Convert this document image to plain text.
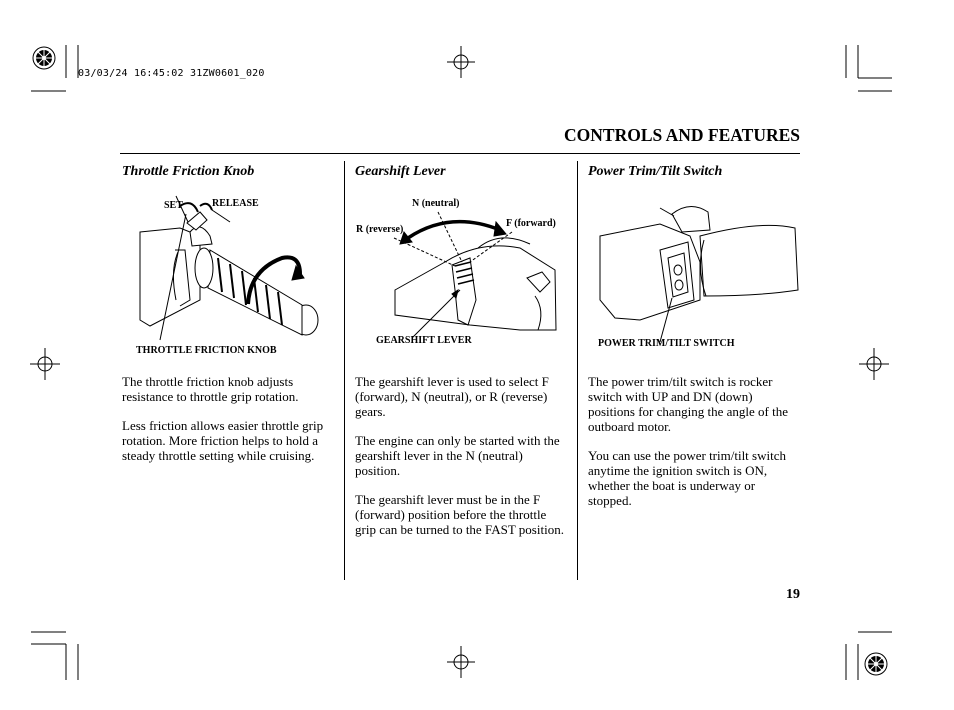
03/03/24 16:45:02 31ZW0601_020
CONTROLS AND FEATURES
Throttle Friction Knob
SET	RELEASE
THROTTLE FRICTION KNOB
The throttle friction knob adjusts resistance to throttle grip rotation.
Less friction allows easier throttle grip rotation. More friction helps to hold a steady throttle setting while cruising.
Gearshift Lever
N (neutral)
F (forward)
R (reverse)
GEARSHIFT LEVER
The gearshift lever is used to select F (forward), N (neutral), or R (reverse) gears.
The engine can only be started with the gearshift lever in the N (neutral) position.
The gearshift lever must be in the F (forward) position before the throttle grip can be turned to the FAST position.
Power Trim/Tilt Switch
POWER TRIM/TILT SWITCH
The power trim/tilt switch is rocker switch with UP and DN (down) positions for changing the angle of the outboard motor.
You can use the power trim/tilt switch anytime the ignition switch is ON, whether the boat is underway or stopped.
19
